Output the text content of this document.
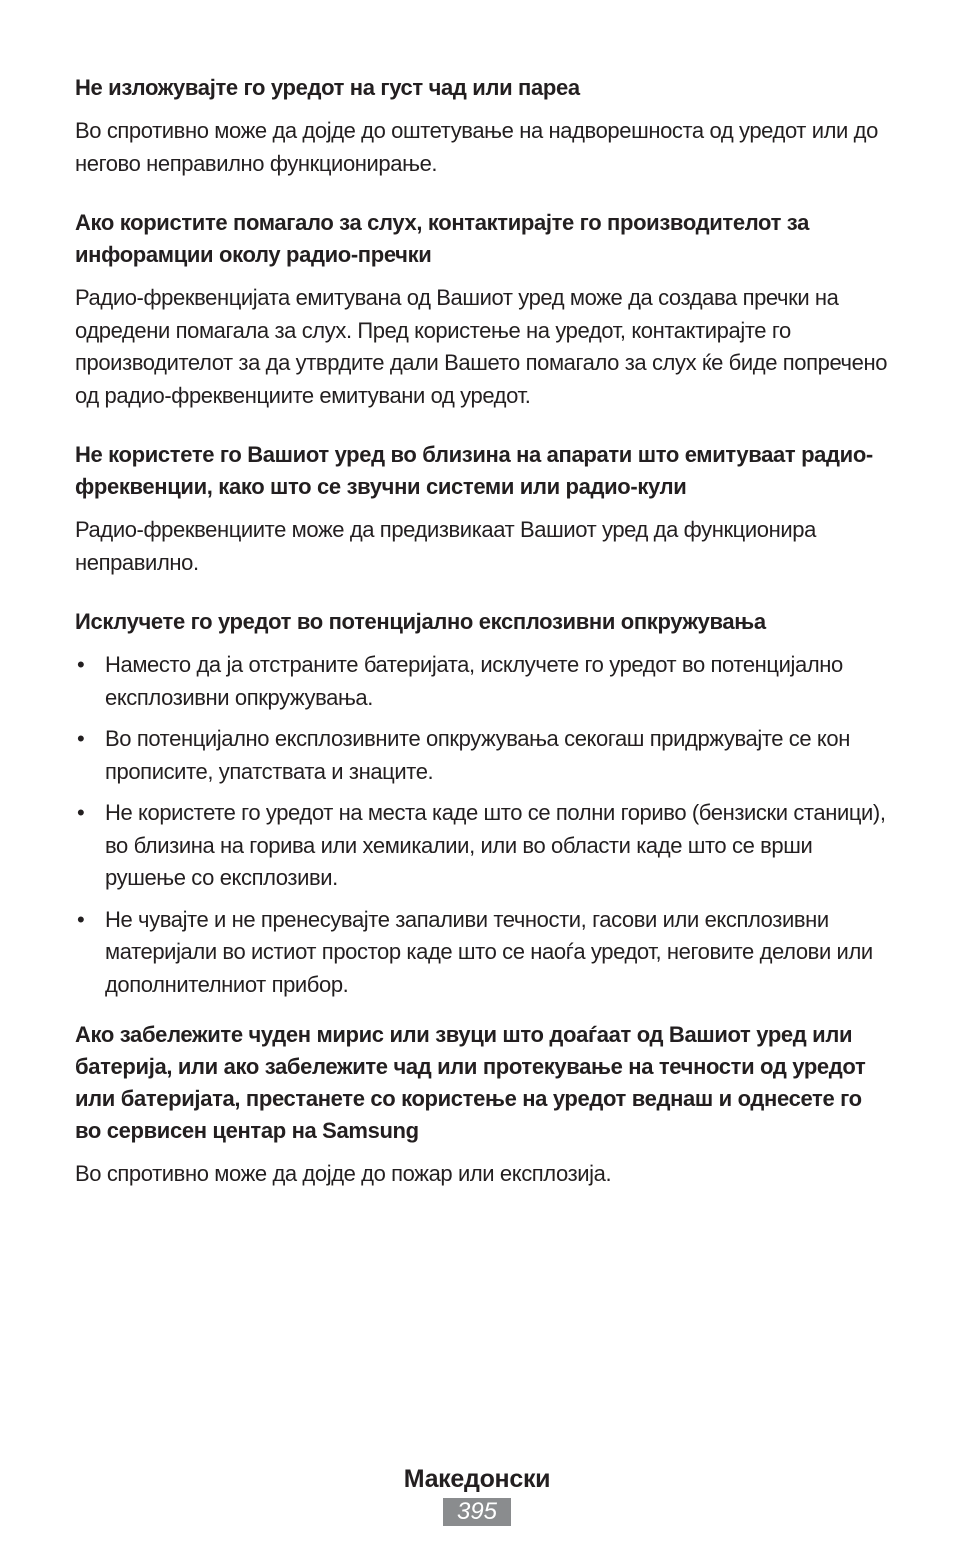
Не изложувајте го уредот на густ чад или пареа

Во спротивно може да дојде до оштетување на надворешноста од уредот или до негово неправилно функционирање.

Ако користите помагало за слух, контактирајте го производителот за инфорамции околу радио-пречки

Радио-фреквенцијата емитувана од Вашиот уред може да создава пречки на одредени помагала за слух. Пред користење на уредот, контактирајте го производителот за да утврдите дали Вашето помагало за слух ќе биде попречено од радио-фреквенциите емитувани од уредот.

Не користете го Вашиот уред во близина на апарати што емитуваат радио-фреквенции, како што се звучни системи или радио-кули

Радио-фреквенциите може да предизвикаат Вашиот уред да функционира неправилно.

Исклучете го уредот во потенцијално експлозивни опкружувања

• Наместо да ја отстраните батеријата, исклучете го уредот во потенцијално експлозивни опкружувања.
• Во потенцијално експлозивните опкружувања секогаш придржувајте се кон прописите, упатствата и знаците.
• Не користете го уредот на места каде што се полни гориво (бензиски станици), во близина на горива или хемикалии, или во области каде што се врши рушење со експлозиви.
• Не чувајте и не пренесувајте запаливи течности, гасови или експлозивни материјали во истиот простор каде што се наоѓа уредот, неговите делови или дополнителниот прибор.

Ако забележите чуден мирис или звуци што доаѓаат од Вашиот уред или батерија, или ако забележите чад или протекување на течности од уредот или батеријата, престанете со користење на уредот веднаш и однесете го во сервисен центар на Samsung

Во спротивно може да дојде до пожар или експлозија.

Македонски
395
